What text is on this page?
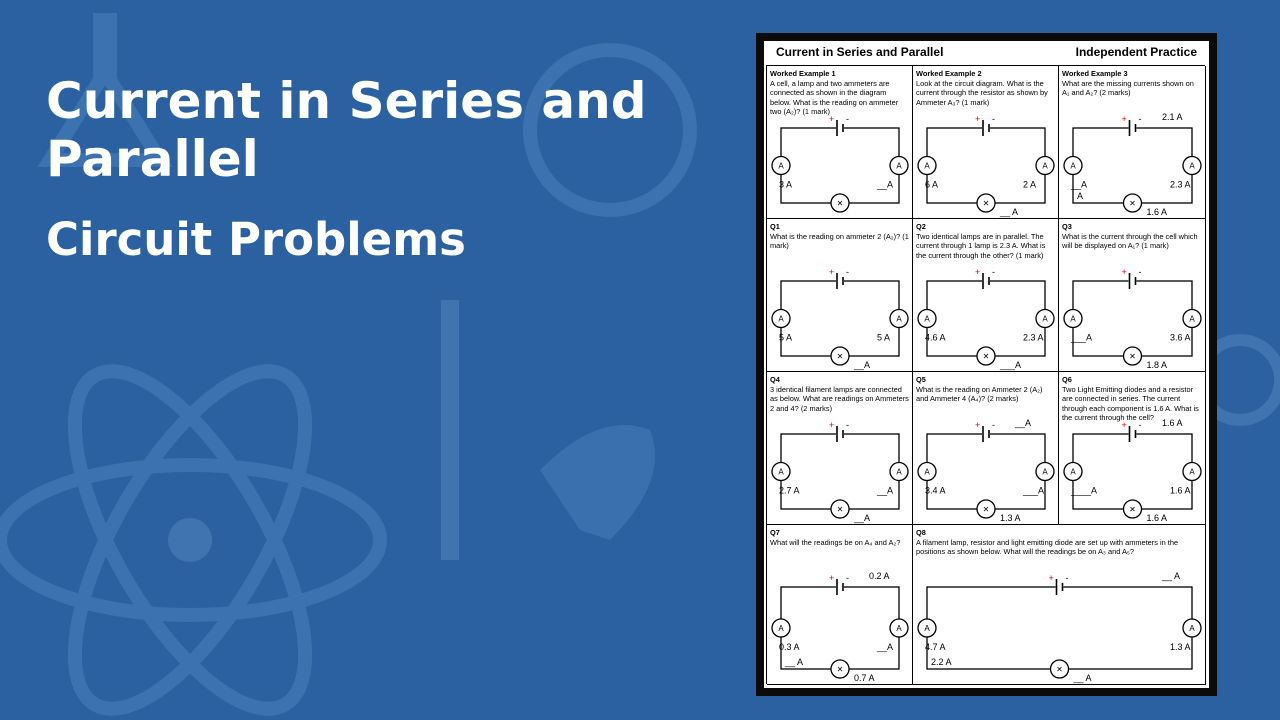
Current in Series and Parallel
Circuit Problems
Current in Series and Parallel	Independent Practice
Worked Example 1
A cell, a lamp and two ammeters are connected as shown in the diagram below. What is the reading on ammeter two (A₂)? (1 mark)
+ -
A	A
✕
3 A	__A
Worked Example 2
Look at the circuit diagram. What is the current through the resistor as shown by Ammeter A₃? (1 mark)
+ -
A	A
✕
6 A	2 A
__ A
Worked Example 3
What are the missing currents shown on A₁ and A₂? (2 marks)
+ -
A	A
✕
__A	2.3 A
1.6 A
2.1 A
A
Q1
What is the reading on ammeter 2 (A₂)? (1 mark)
+ -
A	A
✕
5 A	5 A
__A
Q2
Two identical lamps are in parallel. The current through 1 lamp is 2.3 A. What is the current through the other? (1 mark)
+ -
A	A
✕
4.6 A	2.3 A
___A
Q3
What is the current through the cell which will be displayed on A₁? (1 mark)
+ -
A	A
✕
___A	3.6 A
1.8 A
Q4
3 identical filament lamps are connected as below. What are readings on Ammeters 2 and 4? (2 marks)
+ -
A	A
✕
2.7 A	__A
__A
Q5
What is the reading on Ammeter 2 (A₂) and Ammeter 4 (A₄)? (2 marks)
+ -
A	A
✕
3.4 A	___A
1.3 A
__A
Q6
Two Light Emitting diodes and a resistor are connected in series. The current through each component is 1.6 A. What is the current through the cell?
+ -
A	A
✕
____A	1.6 A
1.6 A
1.6 A
Q7
What will the readings be on A₄ and A₂?
+ -
A	A
✕
0.3 A	__A
0.7 A
0.2 A
__ A
Q8
A filament lamp, resistor and light emitting diode are set up with ammeters in the positions as shown below. What will the readings be on A₃ and A₅?
+ -
A	A
✕
4.7 A	1.3 A
__ A
__ A
2.2 A
